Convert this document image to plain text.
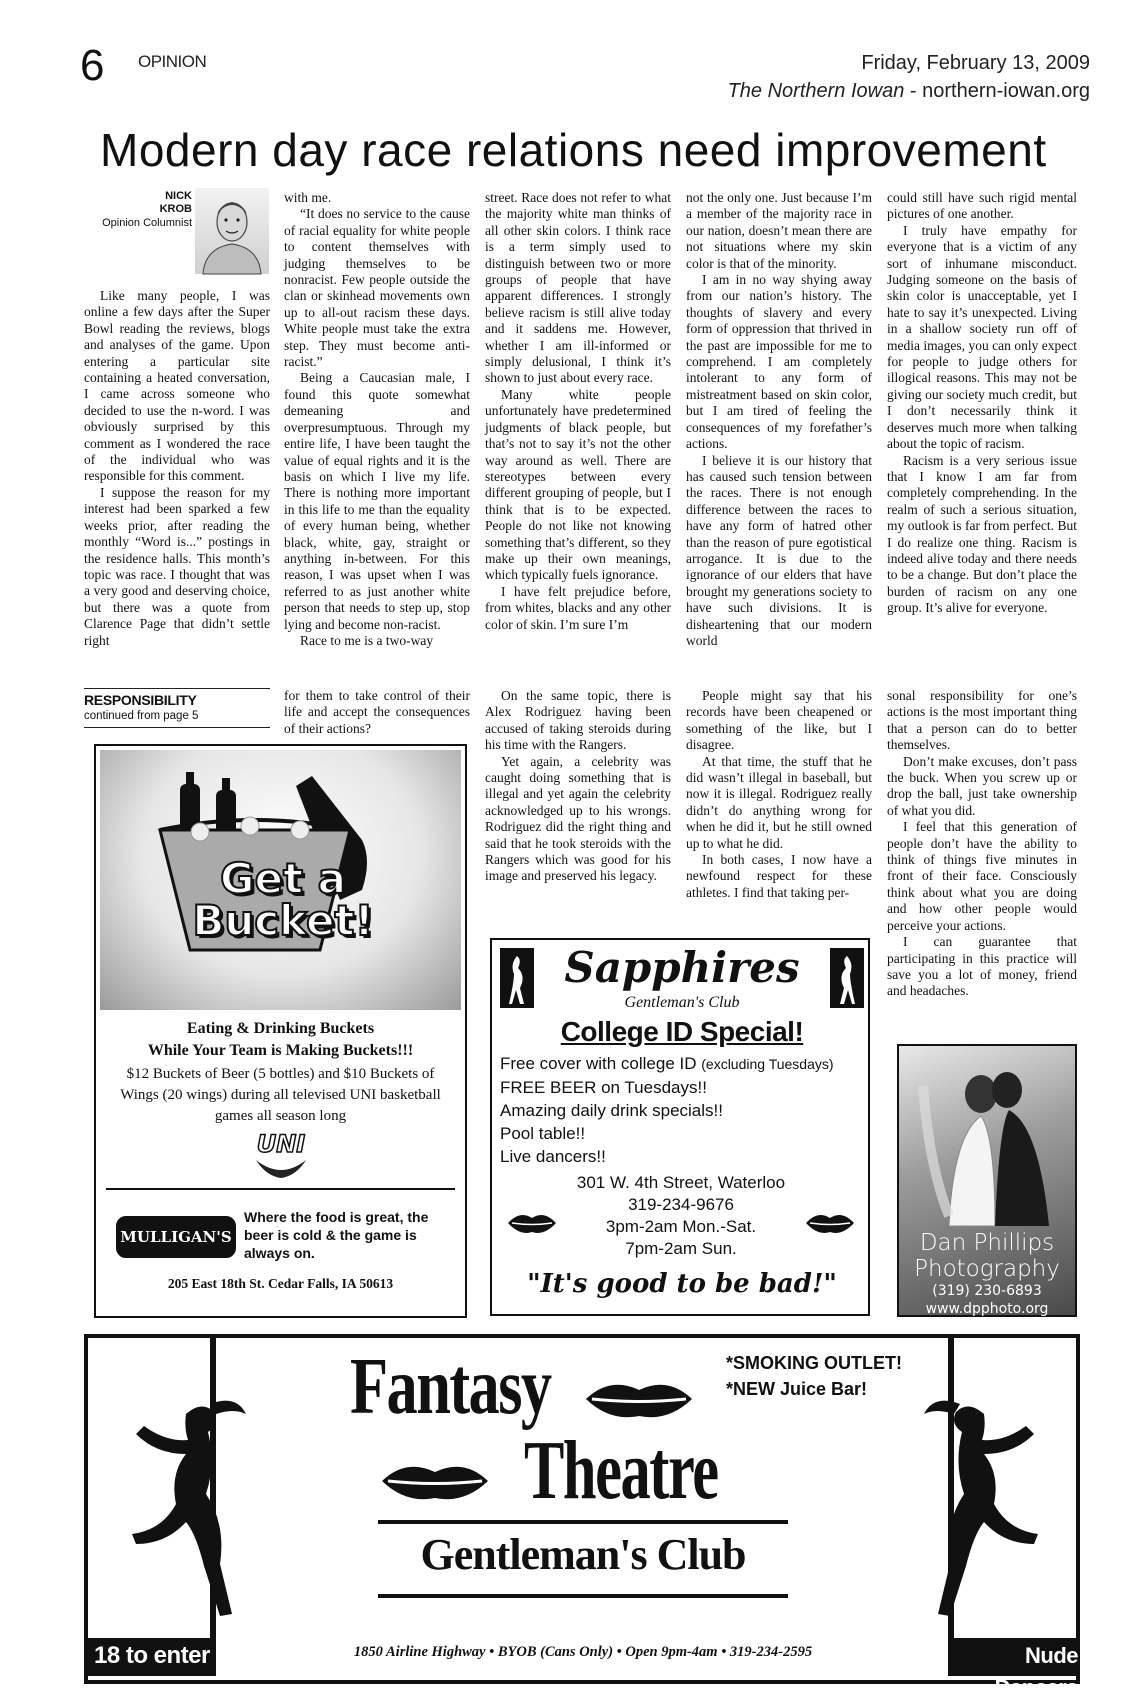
6 OPINION	Friday, February 13, 2009
The Northern Iowan - northern-iowan.org
Modern day race relations need improvement
NICK
KROB
Opinion Columnist

Like many people, I was online a few days after the Super Bowl reading the reviews, blogs and analyses of the game. Upon entering a particular site containing a heated conversation, I came across someone who decided to use the n-word. I was obviously surprised by this comment as I wondered the race of the individual who was responsible for this comment.

I suppose the reason for my interest had been sparked a few weeks prior, after reading the monthly “Word is...” postings in the residence halls. This month’s topic was race. I thought that was a very good and deserving choice, but there was a quote from Clarence Page that didn’t settle right

with me.

“It does no service to the cause of racial equality for white people to content themselves with judging themselves to be nonracist. Few people outside the clan or skinhead movements own up to all-out racism these days. White people must take the extra step. They must become anti-racist.”

Being a Caucasian male, I found this quote somewhat demeaning and overpresumptuous. Through my entire life, I have been taught the value of equal rights and it is the basis on which I live my life. There is nothing more important in this life to me than the equality of every human being, whether black, white, gay, straight or anything in-between. For this reason, I was upset when I was referred to as just another white person that needs to step up, stop lying and become non-racist.

Race to me is a two-way

street. Race does not refer to what the majority white man thinks of all other skin colors. I think race is a term simply used to distinguish between two or more groups of people that have apparent differences. I strongly believe racism is still alive today and it saddens me. However, whether I am ill-informed or simply delusional, I think it’s shown to just about every race.

Many white people unfortunately have predetermined judgments of black people, but that’s not to say it’s not the other way around as well. There are stereotypes between every different grouping of people, but I think that is to be expected. People do not like not knowing something that’s different, so they make up their own meanings, which typically fuels ignorance.

I have felt prejudice before, from whites, blacks and any other color of skin. I’m sure I’m

not the only one. Just because I’m a member of the majority race in our nation, doesn’t mean there are not situations where my skin color is that of the minority.

I am in no way shying away from our nation’s history. The thoughts of slavery and every form of oppression that thrived in the past are impossible for me to comprehend. I am completely intolerant to any form of mistreatment based on skin color, but I am tired of feeling the consequences of my forefather’s actions.

I believe it is our history that has caused such tension between the races. There is not enough difference between the races to have any form of hatred other than the reason of pure egotistical arrogance. It is due to the ignorance of our elders that have brought my generations society to have such divisions. It is disheartening that our modern world

could still have such rigid mental pictures of one another.

I truly have empathy for everyone that is a victim of any sort of inhumane misconduct. Judging someone on the basis of skin color is unacceptable, yet I hate to say it’s unexpected. Living in a shallow society run off of media images, you can only expect for people to judge others for illogical reasons. This may not be giving our society much credit, but I don’t necessarily think it deserves much more when talking about the topic of racism.

Racism is a very serious issue that I know I am far from completely comprehending. In the realm of such a serious situation, my outlook is far from perfect. But I do realize one thing. Racism is indeed alive today and there needs to be a change. But don’t place the burden of racism on any one group. It’s alive for everyone.

RESPONSIBILITY
continued from page 5

for them to take control of their life and accept the consequences of their actions?

On the same topic, there is Alex Rodriguez having been accused of taking steroids during his time with the Rangers.

Yet again, a celebrity was caught doing something that is illegal and yet again the celebrity acknowledged up to his wrongs. Rodriguez did the right thing and said that he took steroids with the Rangers which was good for his image and preserved his legacy.

People might say that his records have been cheapened or something of the like, but I disagree.

At that time, the stuff that he did wasn’t illegal in baseball, but now it is illegal. Rodriguez really didn’t do anything wrong for when he did it, but he still owned up to what he did.

In both cases, I now have a newfound respect for these athletes. I find that taking per-

sonal responsibility for one’s actions is the most important thing that a person can do to better themselves.

Don’t make excuses, don’t pass the buck. When you screw up or drop the ball, just take ownership of what you did.

I feel that this generation of people don’t have the ability to think of things five minutes in front of their face. Consciously think about what you are doing and how other people would perceive your actions.

I can guarantee that participating in this practice will save you a lot of money, friend and headaches.

Get a Bucket!
Eating & Drinking Buckets
While Your Team is Making Buckets!!!
$12 Buckets of Beer (5 bottles) and $10 Buckets of Wings (20 wings) during all televised UNI basketball games all season long
UNI
MULLIGAN'S
Where the food is great, the beer is cold & the game is always on.
205 East 18th St. Cedar Falls, IA 50613
Sapphires
Gentleman's Club
College ID Special!
Free cover with college ID (excluding Tuesdays)
FREE BEER on Tuesdays!!
Amazing daily drink specials!!
Pool table!!
Live dancers!!
301 W. 4th Street, Waterloo
319-234-9676
3pm-2am Mon.-Sat.
7pm-2am Sun.
"It's good to be bad!"
Dan Phillips
Photography
(319) 230-6893
www.dpphoto.org
18 to enter	Nude Dancers
Fantasy
Theatre
*SMOKING OUTLET!
*NEW Juice Bar!
Gentleman's Club
1850 Airline Highway • BYOB (Cans Only) • Open 9pm-4am • 319-234-2595
